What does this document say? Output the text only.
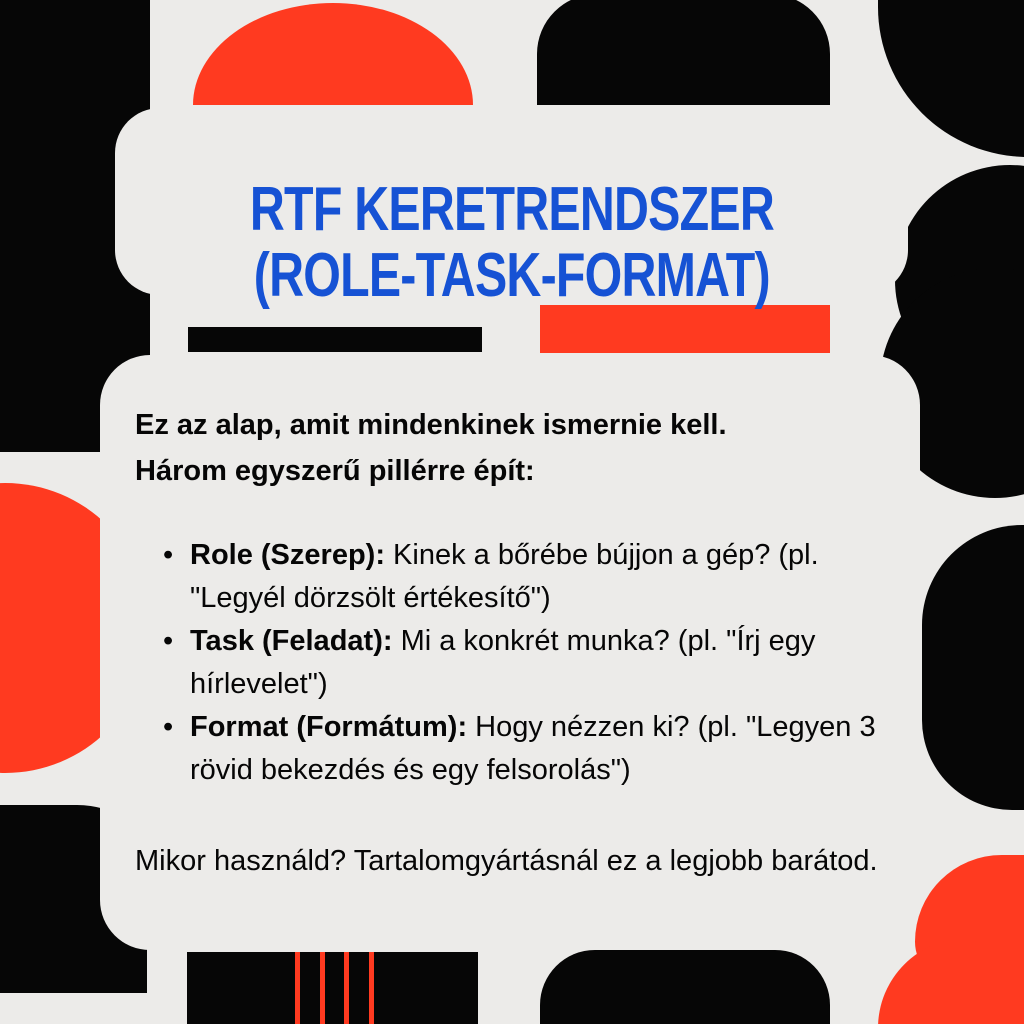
RTF KERETRENDSZER
(ROLE-TASK-FORMAT)
Ez az alap, amit mindenkinek ismernie kell.
Három egyszerű pillérre épít:
•
Role (Szerep): Kinek a bőrébe bújjon a gép? (pl. "Legyél dörzsölt értékesítő")
•
Task (Feladat): Mi a konkrét munka? (pl. "Írj egy hírlevelet")
•
Format (Formátum): Hogy nézzen ki? (pl. "Legyen 3 rövid bekezdés és egy felsorolás")

Mikor használd? Tartalomgyártásnál ez a legjobb barátod.
